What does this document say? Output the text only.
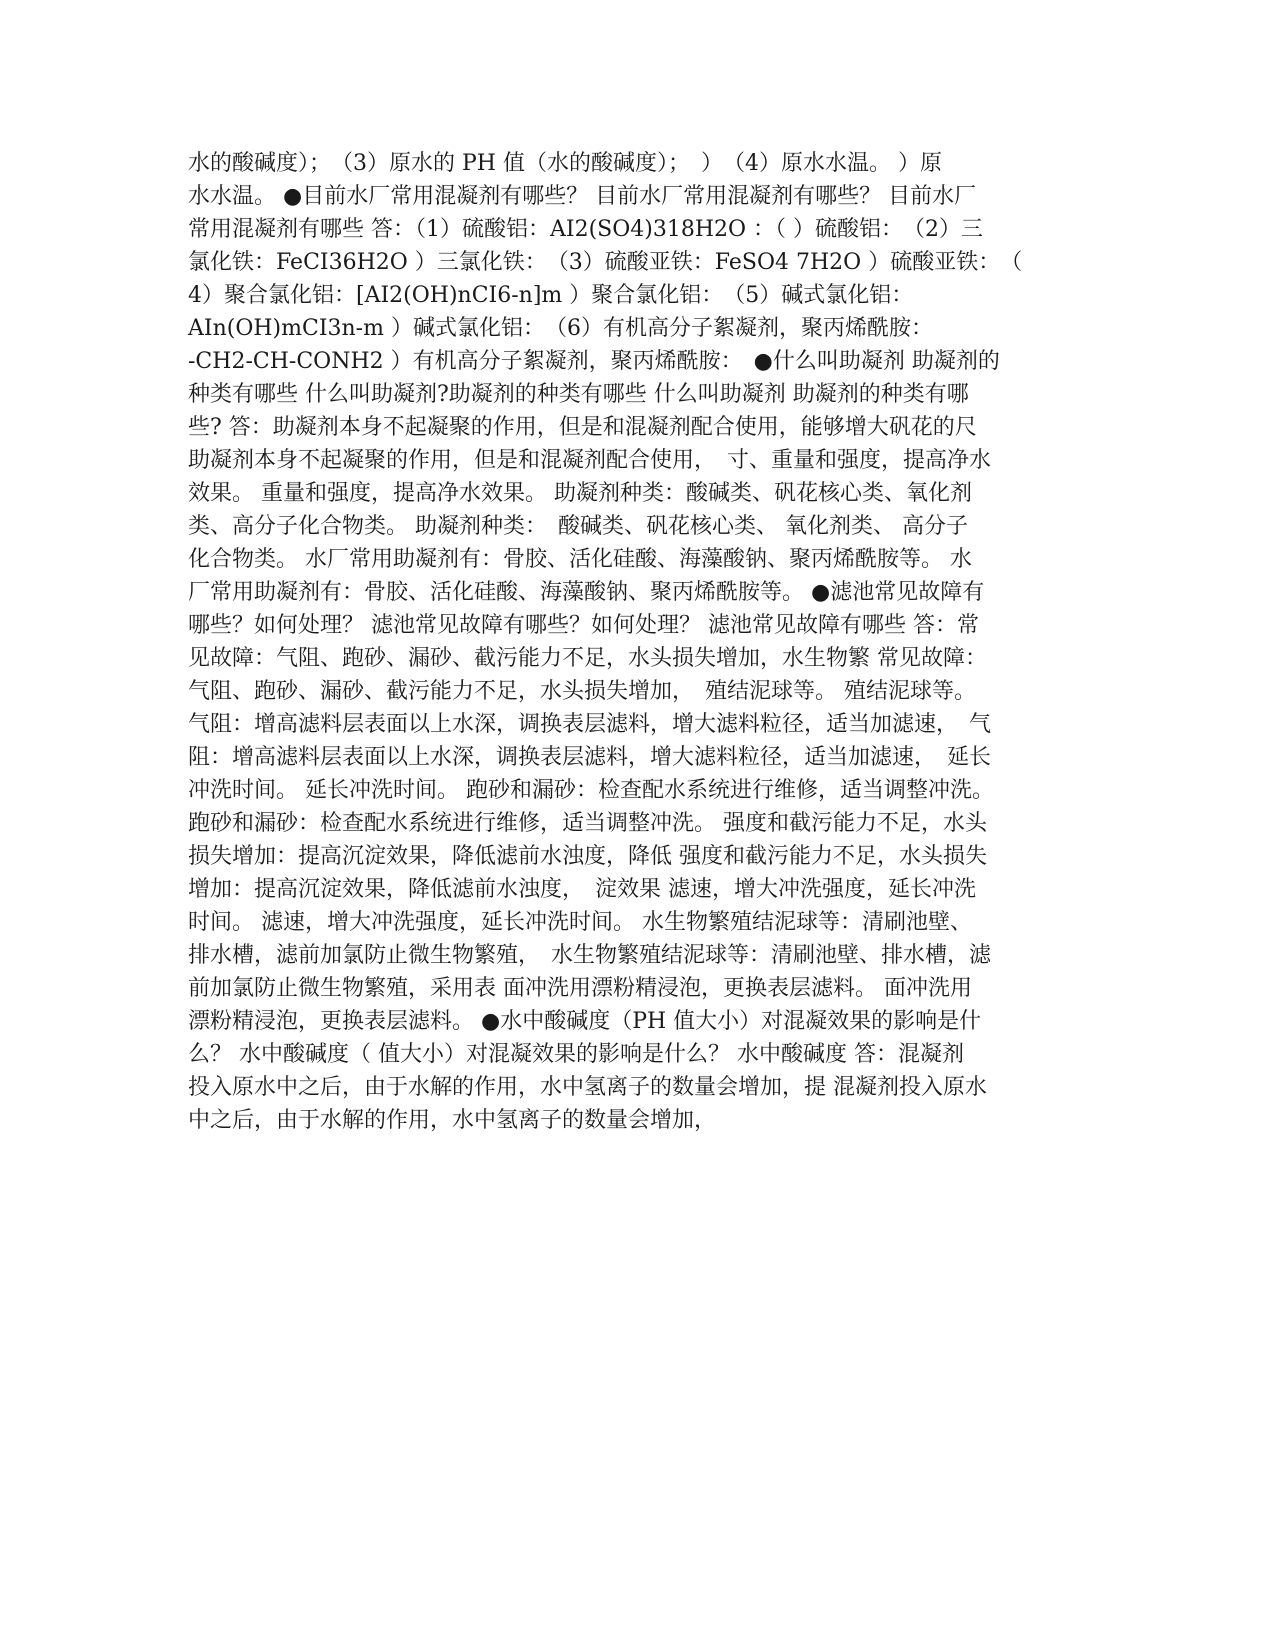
水的酸碱度）；　（3）原水的 PH 值（水的酸碱度）；　）　（4）原水水温。 ）原
水水温。 ●目前水厂常用混凝剂有哪些？ 目前水厂常用混凝剂有哪些？ 目前水厂
常用混凝剂有哪些 答：（1）硫酸铝：AI2(SO4)318H2O ：（ ）硫酸铝：　（2）三
氯化铁：FeCI36H2O ）三氯化铁：　（3）硫酸亚铁：FeSO4 7H2O ）硫酸亚铁：　（
4）聚合氯化铝：[AI2(OH)nCI6-n]m ）聚合氯化铝：　（5）碱式氯化铝：
AIn(OH)mCI3n-m ）碱式氯化铝：　（6）有机高分子絮凝剂，聚丙烯酰胺：
-CH2-CH-CONH2 ）有机高分子絮凝剂，聚丙烯酰胺：　●什么叫助凝剂 助凝剂的
种类有哪些 什么叫助凝剂?助凝剂的种类有哪些 什么叫助凝剂 助凝剂的种类有哪
些? 答：助凝剂本身不起凝聚的作用，但是和混凝剂配合使用，能够增大矾花的尺
助凝剂本身不起凝聚的作用，但是和混凝剂配合使用，　寸、重量和强度，提高净水
效果。 重量和强度，提高净水效果。 助凝剂种类：酸碱类、矾花核心类、氧化剂
类、高分子化合物类。 助凝剂种类：　酸碱类、矾花核心类、 氧化剂类、 高分子
化合物类。 水厂常用助凝剂有：骨胶、活化硅酸、海藻酸钠、聚丙烯酰胺等。 水
厂常用助凝剂有：骨胶、活化硅酸、海藻酸钠、聚丙烯酰胺等。 ●滤池常见故障有
哪些？如何处理？ 滤池常见故障有哪些？如何处理？ 滤池常见故障有哪些 答：常
见故障：气阻、跑砂、漏砂、截污能力不足，水头损失增加，水生物繁 常见故障：
气阻、跑砂、漏砂、截污能力不足，水头损失增加，　殖结泥球等。 殖结泥球等。
气阻：增高滤料层表面以上水深，调换表层滤料，增大滤料粒径，适当加滤速，　气
阻：增高滤料层表面以上水深，调换表层滤料，增大滤料粒径，适当加滤速，　延长
冲洗时间。 延长冲洗时间。 跑砂和漏砂：检查配水系统进行维修，适当调整冲洗。
跑砂和漏砂：检查配水系统进行维修，适当调整冲洗。 强度和截污能力不足，水头
损失增加：提高沉淀效果，降低滤前水浊度，降低 强度和截污能力不足，水头损失
增加：提高沉淀效果，降低滤前水浊度，　淀效果 滤速，增大冲洗强度，延长冲洗
时间。 滤速，增大冲洗强度，延长冲洗时间。 水生物繁殖结泥球等：清刷池壁、
排水槽，滤前加氯防止微生物繁殖，　水生物繁殖结泥球等：清刷池壁、排水槽，滤
前加氯防止微生物繁殖，采用表 面冲洗用漂粉精浸泡，更换表层滤料。 面冲洗用
漂粉精浸泡，更换表层滤料。 ●水中酸碱度（PH 值大小）对混凝效果的影响是什
么？ 水中酸碱度（ 值大小）对混凝效果的影响是什么？ 水中酸碱度 答：混凝剂
投入原水中之后，由于水解的作用，水中氢离子的数量会增加，提 混凝剂投入原水
中之后，由于水解的作用，水中氢离子的数量会增加，
